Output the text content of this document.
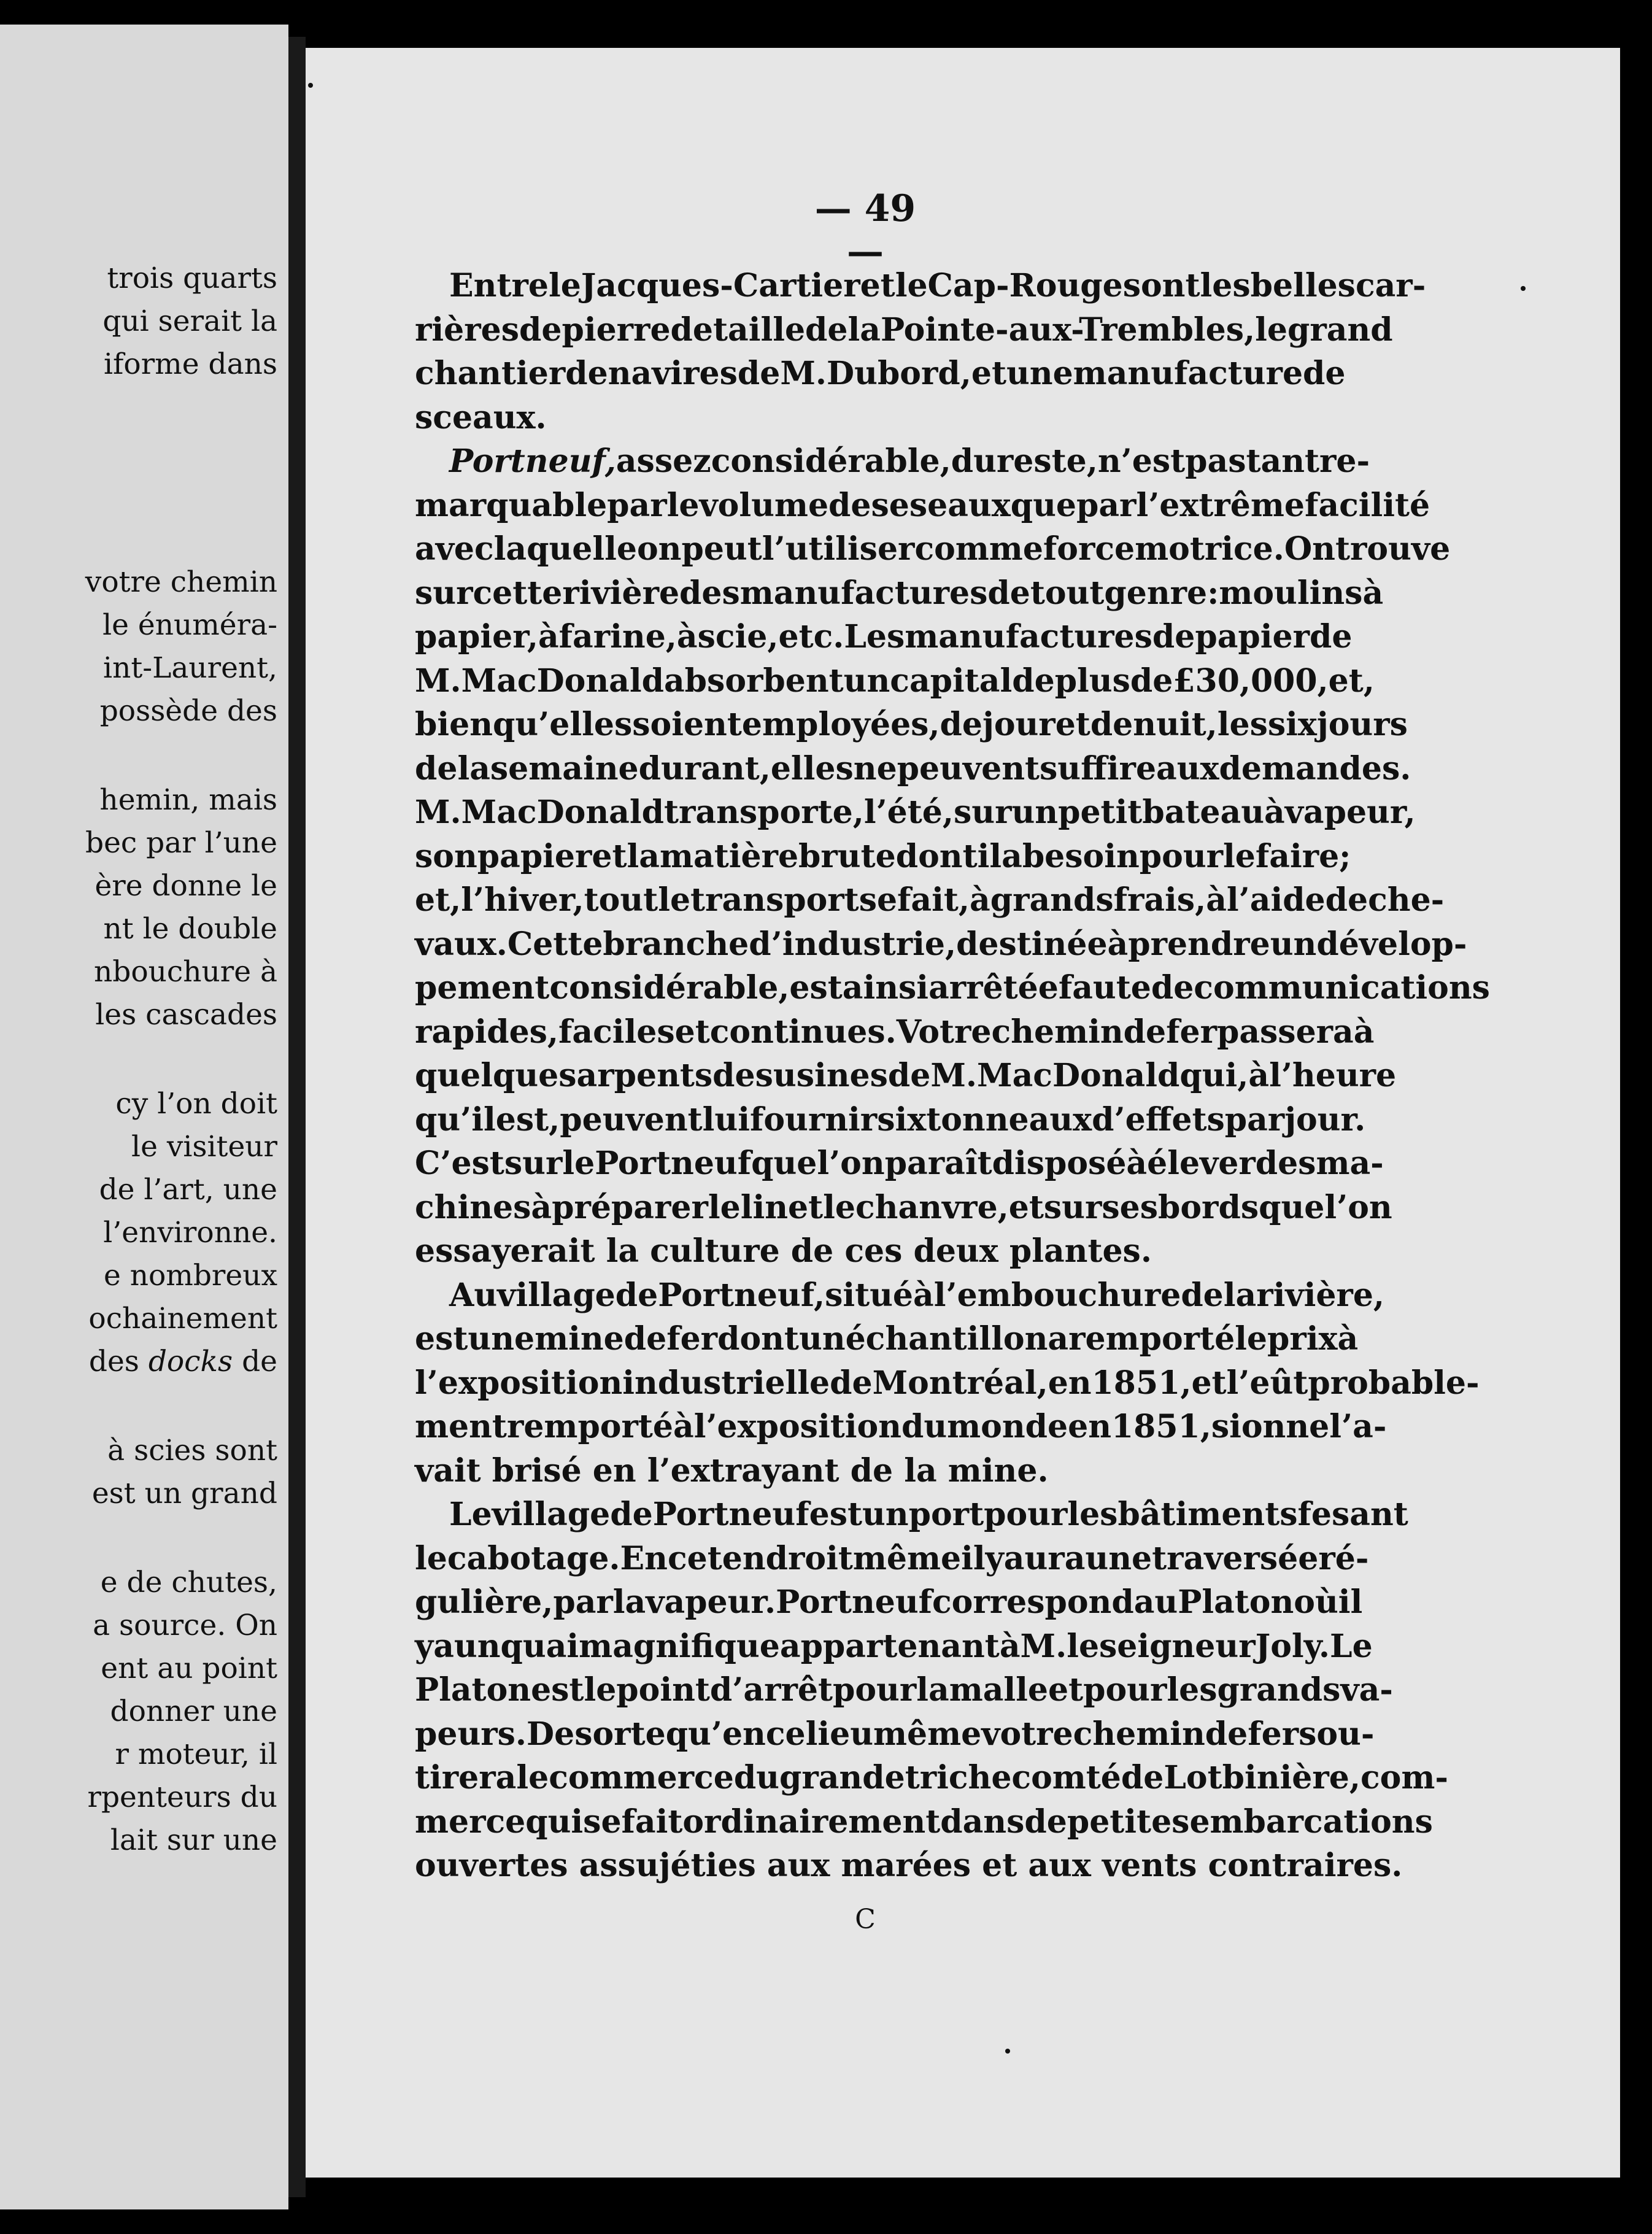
trois quarts
qui serait la
iforme dans
votre chemin
le énuméra-
int-Laurent,
possède des
hemin, mais
bec par l’une
ère donne le
nt le double
nbouchure à
les cascades
cy l’on doit
le visiteur
de l’art, une
l’environne.
e nombreux
ochainement
des docks de
à scies sont
est un grand
e de chutes,
a source. On
ent au point
donner une
r moteur, il
rpenteurs du
lait sur une
— 49 —
Entre le Jacques-Cartier et le Cap-Rouge sont les belles car-
rières de pierre de taille de la Pointe-aux-Trembles, le grand
chantier de navires de M. Dubord, et une manufacture de
sceaux.
Portneuf, assez considérable, du reste, n’est pas tant re-
marquable par le volume de ses eaux que par l’extrême facilité
avec laquelle on peut l’utiliser comme force motrice. On trouve
sur cette rivière des manufactures de tout genre : moulins à
papier, à farine, à scie, etc. Les manufactures de papier de
M. MacDonald absorbent un capital de plus de £30,000, et,
bien qu’elles soient employées, de jour et de nuit, les six jours
de la semaine durant, elles ne peuvent suffire aux demandes.
M. MacDonald transporte, l’été, sur un petit bateau à vapeur,
son papier et la matière brute dont il a besoin pour le faire ;
et, l’hiver, tout le transport se fait, à grands frais, à l’aide de che-
vaux. Cette branche d’industrie, destinée à prendre un dévelop-
pement considérable, est ainsi arrêtée faute de communications
rapides, faciles et continues. Votre chemin de fer passera à
quelques arpents des usines de M. MacDonald qui, à l’heure
qu’il est, peuvent lui fournir six tonneaux d’effets par jour.
C’est sur le Portneuf que l’on paraît disposé à élever des ma-
chines à préparer le lin et le chanvre, et sur ses bords que l’on
essayerait la culture de ces deux plantes.
Au village de Portneuf, situé à l’embouchure de la rivière,
est une mine de fer dont un échantillon a remporté le prix à
l’exposition industrielle de Montréal, en 1851, et l’eût probable-
ment remporté à l’exposition du monde en 1851, si on ne l’a-
vait brisé en l’extrayant de la mine.
Le village de Portneuf est un port pour les bâtiments fesant
le cabotage. En cet endroit même il y aura une traversée ré-
gulière, par la vapeur. Portneuf correspond au Platon où il
y a un quai magnifique appartenant à M. le seigneur Joly. Le
Platon est le point d’arrêt pour la malle et pour les grands va-
peurs. De sorte qu’en ce lieu même votre chemin de fer sou-
tirera le commerce du grand et riche comté de Lotbinière, com-
merce qui se fait ordinairement dans de petites embarcations
ouvertes assujéties aux marées et aux vents contraires.
C
